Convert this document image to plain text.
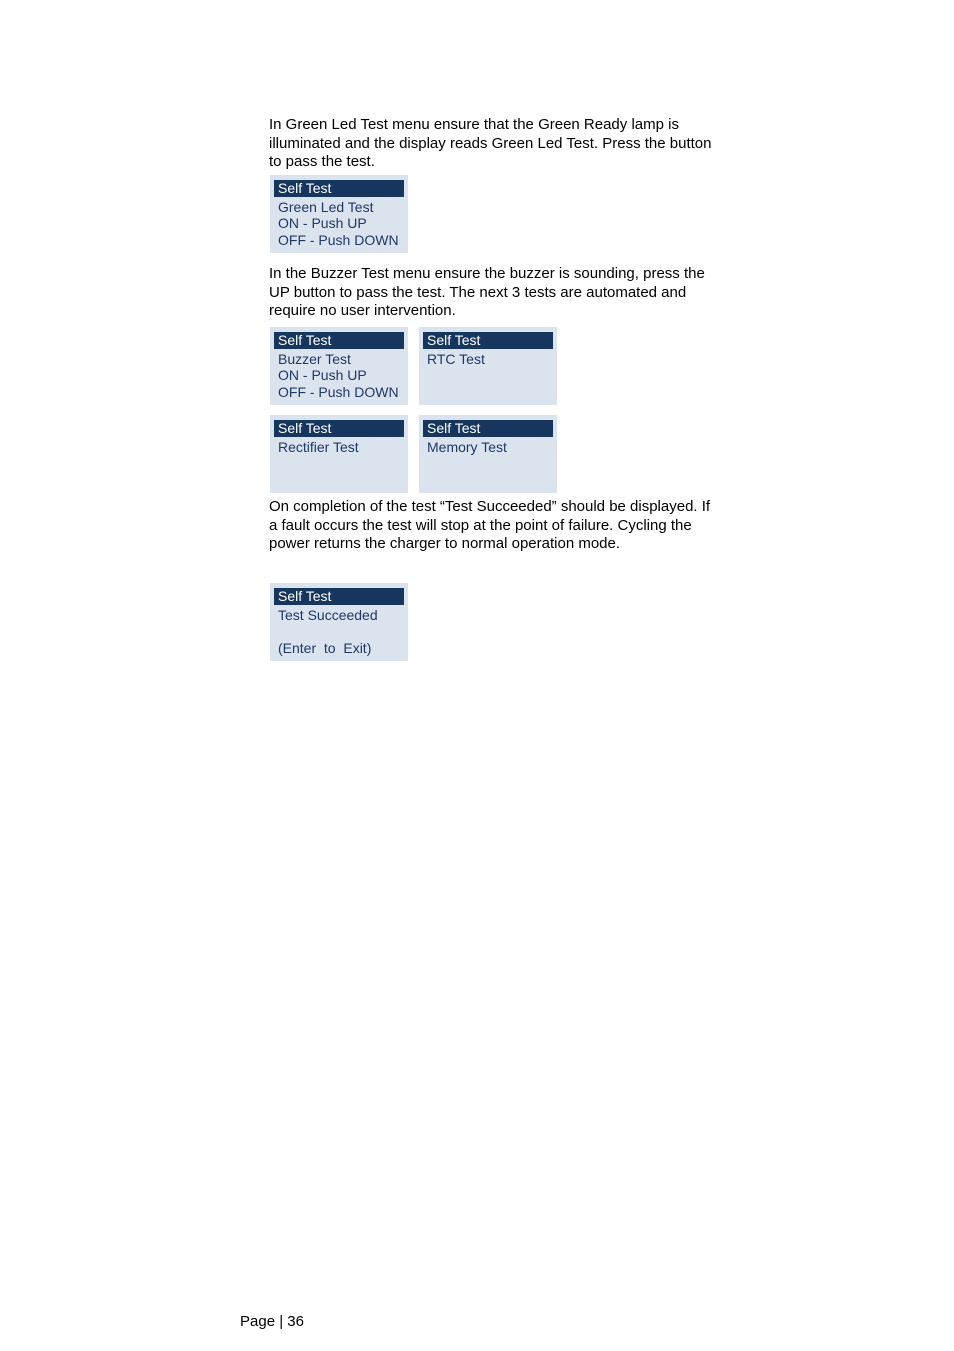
In Green Led Test menu ensure that the Green Ready lamp is illuminated and the display reads Green Led Test. Press the button to pass the test.

Self Test
Green Led Test
ON - Push UP
OFF - Push DOWN

In the Buzzer Test menu ensure the buzzer is sounding, press the UP button to pass the test. The next 3 tests are automated and require no user intervention.

Self Test
Buzzer Test
ON - Push UP
OFF - Push DOWN
Self Test
RTC Test
Self Test
Rectifier Test
Self Test
Memory Test

On completion of the test “Test Succeeded” should be displayed. If a fault occurs the test will stop at the point of failure. Cycling the power returns the charger to normal operation mode.

Self Test
Test Succeeded
(Enter  to  Exit)
Page | 36
